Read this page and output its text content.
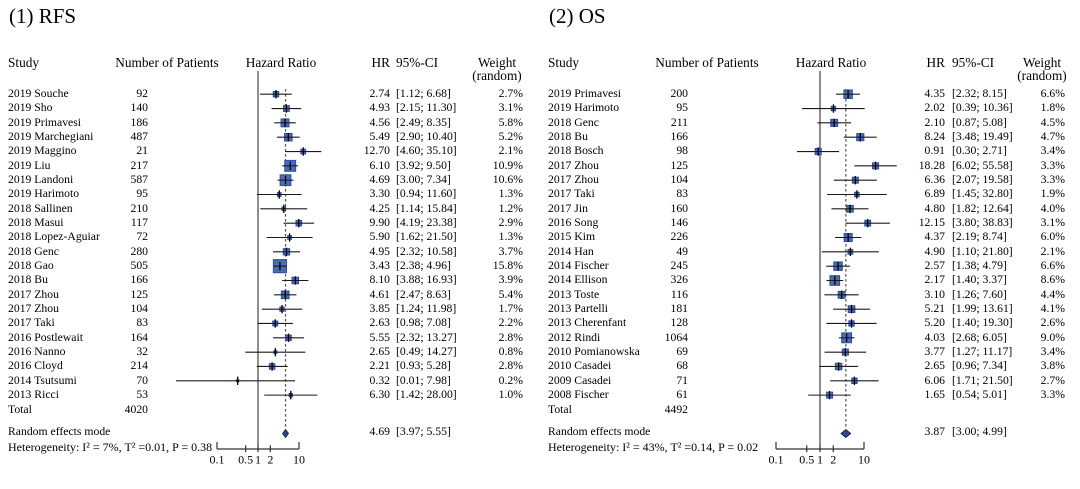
(1) RFS
Study	Number of Patients Hazard Ratio	HR 95%-CI	Weight
(random)
2019 Souche	92	2.74 [1.12; 6.68]	2.7%
2019 Sho	140	4.93 [2.15; 11.30]	3.1%
2019 Primavesi	186	4.56 [2.49; 8.35]	5.8%
2019 Marchegiani	487	5.49 [2.90; 10.40]	5.2%
2019 Maggino	21	12.70 [4.60; 35.10]	2.1%
2019 Liu	217	6.10 [3.92; 9.50]	10.9%
2019 Landoni	587	4.69 [3.00; 7.34]	10.6%
2019 Harimoto	95	3.30 [0.94; 11.60]	1.3%
2018 Sallinen	210	4.25 [1.14; 15.84]	1.2%
2018 Masui	117	9.90 [4.19; 23.38]	2.9%
2018 Lopez-Aguiar	72	5.90 [1.62; 21.50]	1.3%
2018 Genc	280	4.95 [2.32; 10.58]	3.7%
2018 Gao	505	3.43 [2.38; 4.96]	15.8%
2018 Bu	166	8.10 [3.88; 16.93]	3.9%
2017 Zhou	125	4.61 [2.47; 8.63]	5.4%
2017 Zhou	104	3.85 [1.24; 11.98]	1.7%
2017 Taki	83	2.63 [0.98; 7.08]	2.2%
2016 Postlewait	164	5.55 [2.32; 13.27]	2.8%
2016 Nanno	32	2.65 [0.49; 14.27]	0.8%
2016 Cloyd	214	2.21 [0.93; 5.28]	2.8%
2014 Tsutsumi	70	0.32 [0.01; 7.98]	0.2%
2013 Ricci	53	6.30 [1.42; 28.00]	1.0%
0.1 0.5 1 2 10
Total	4020
Random effects mode	4.69 [3.97; 5.55]
Heterogeneity: I² = 7%, T² =0.01, P = 0.38
(2) OS
Study	Number of Patients	Hazard Ratio	HR 95%-CI Weight
(random)
2019 Primavesi	200	4.35 [2.32; 8.15]	6.6%
2019 Harimoto	95	2.02 [0.39; 10.36] 1.8%
2018 Genc	211	2.10 [0.87; 5.08]	4.5%
2018 Bu	166	8.24 [3.48; 19.49] 4.7%
2018 Bosch	98	0.91 [0.30; 2.71]	3.4%
2017 Zhou	125	18.28 [6.02; 55.58] 3.3%
2017 Zhou	104	6.36 [2.07; 19.58] 3.3%
2017 Taki	83	6.89 [1.45; 32.80] 1.9%
2017 Jin	160	4.80 [1.82; 12.64] 4.0%
2016 Song	146	12.15 [3.80; 38.83] 3.1%
2015 Kim	226	4.37 [2.19; 8.74]	6.0%
2014 Han	49	4.90 [1.10; 21.80] 2.1%
2014 Fischer	245	2.57 [1.38; 4.79]	6.6%
2014 Ellison	326	2.17 [1.40; 3.37]	8.6%
2013 Toste	116	3.10 [1.26; 7.60]	4.4%
2013 Partelli	181	5.21 [1.99; 13.61] 4.1%
2013 Cherenfant	128	5.20 [1.40; 19.30] 2.6%
2012 Rindi	1064	4.03 [2.68; 6.05]	9.0%
2010 Pomianowska	69	3.77 [1.27; 11.17] 3.4%
2010 Casadei	68	2.65 [0.96; 7.34]	3.8%
2009 Casadei	71	6.06 [1.71; 21.50] 2.7%
2008 Fischer	61	1.65 [0.54; 5.01]	3.3%
0.1 0.5 1 2 10
Total	4492
Random effects mode	3.87 [3.00; 4.99]
Heterogeneity: I² = 43%, T² =0.14, P = 0.02
